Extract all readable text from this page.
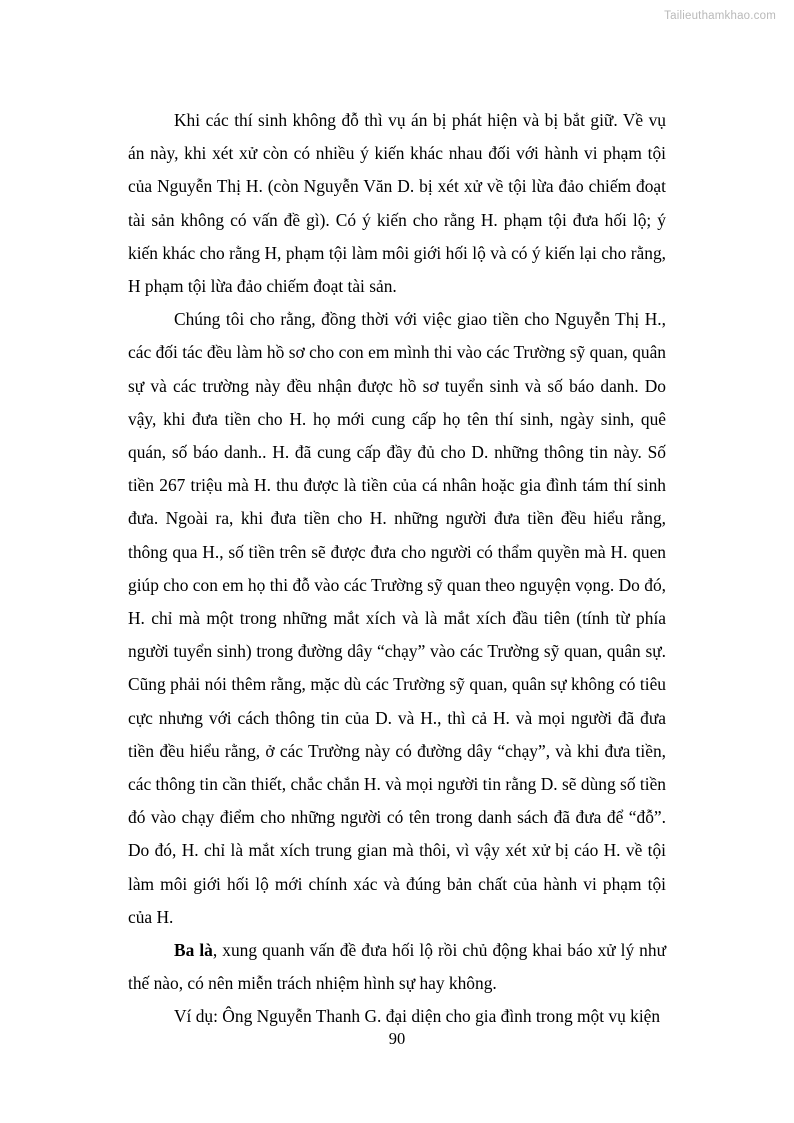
Tailieuthamkhao.com

Khi các thí sinh không đỗ thì vụ án bị phát hiện và bị bắt giữ. Về vụ án này, khi xét xử còn có nhiều ý kiến khác nhau đối với hành vi phạm tội của Nguyễn Thị H. (còn Nguyễn Văn D. bị xét xử về tội lừa đảo chiếm đoạt tài sản không có vấn đề gì). Có ý kiến cho rằng H. phạm tội đưa hối lộ; ý kiến khác cho rằng H, phạm tội làm môi giới hối lộ và có ý kiến lại cho rằng, H phạm tội lừa đảo chiếm đoạt tài sản.

Chúng tôi cho rằng, đồng thời với việc giao tiền cho Nguyễn Thị H., các đối tác đều làm hồ sơ cho con em mình thi vào các Trường sỹ quan, quân sự và các trường này đều nhận được hồ sơ tuyển sinh và số báo danh. Do vậy, khi đưa tiền cho H. họ mới cung cấp họ tên thí sinh, ngày sinh, quê quán, số báo danh.. H. đã cung cấp đầy đủ cho D. những thông tin này. Số tiền 267 triệu mà H. thu được là tiền của cá nhân hoặc gia đình tám thí sinh đưa. Ngoài ra, khi đưa tiền cho H. những người đưa tiền đều hiểu rằng, thông qua H., số tiền trên sẽ được đưa cho người có thẩm quyền mà H. quen giúp cho con em họ thi đỗ vào các Trường sỹ quan theo nguyện vọng. Do đó, H. chỉ mà một trong những mắt xích và là mắt xích đầu tiên (tính từ phía người tuyển sinh) trong đường dây “chạy” vào các Trường sỹ quan, quân sự. Cũng phải nói thêm rằng, mặc dù các Trường sỹ quan, quân sự không có tiêu cực nhưng với cách thông tin của D. và H., thì cả H. và mọi người đã đưa tiền đều hiểu rằng, ở các Trường này có đường dây “chạy”, và khi đưa tiền, các thông tin cần thiết, chắc chắn H. và mọi người tin rằng D. sẽ dùng số tiền đó vào chạy điểm cho những người có tên trong danh sách đã đưa để “đỗ”. Do đó, H. chỉ là mắt xích trung gian mà thôi, vì vậy xét xử bị cáo H. về tội làm môi giới hối lộ mới chính xác và đúng bản chất của hành vi phạm tội của H.

Ba là, xung quanh vấn đề đưa hối lộ rồi chủ động khai báo xử lý như thế nào, có nên miễn trách nhiệm hình sự hay không.

Ví dụ: Ông Nguyễn Thanh G. đại diện cho gia đình trong một vụ kiện

90
